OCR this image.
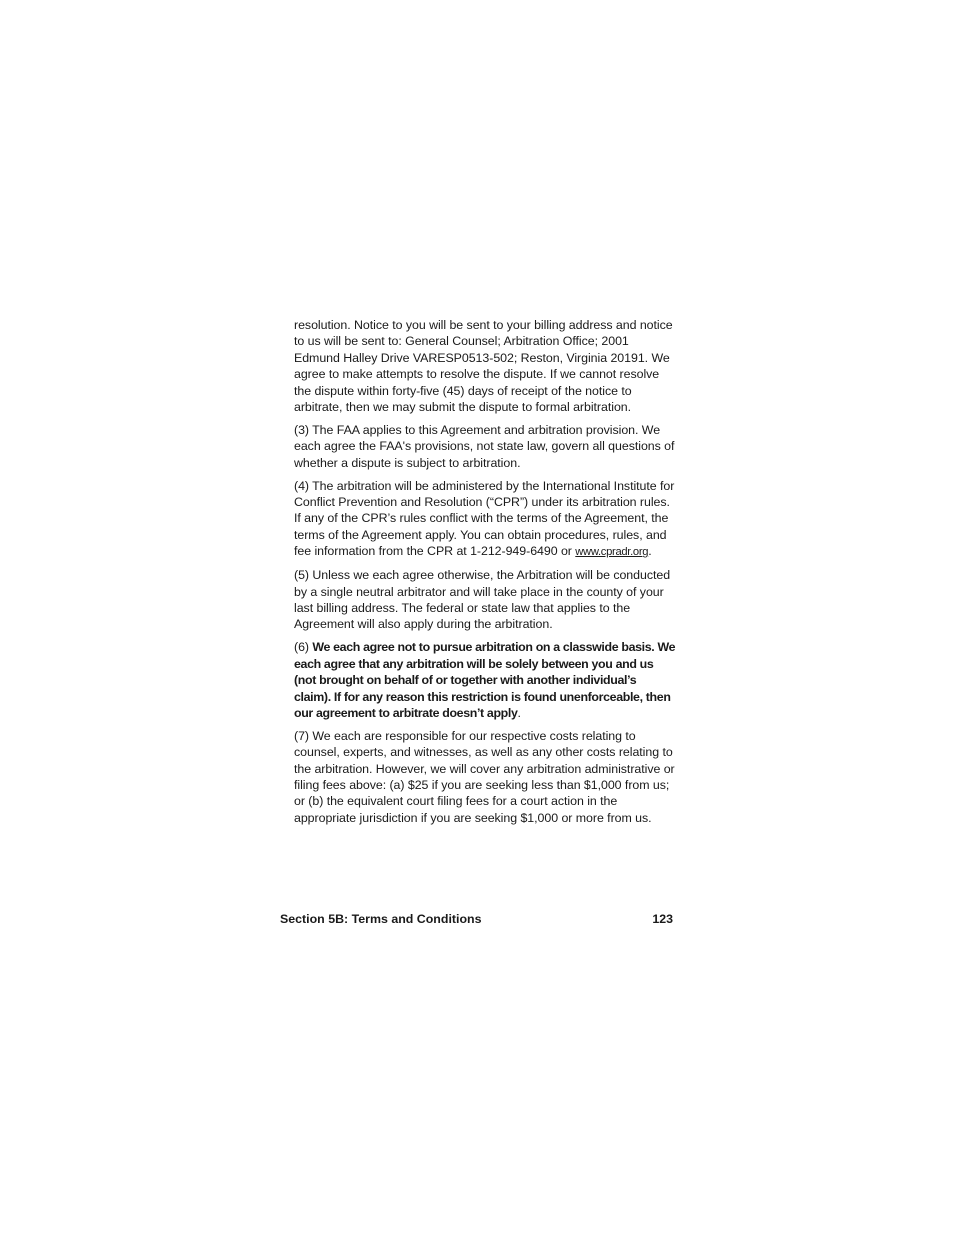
resolution. Notice to you will be sent to your billing address and notice to us will be sent to: General Counsel; Arbitration Office; 2001 Edmund Halley Drive VARESP0513-502; Reston, Virginia 20191. We agree to make attempts to resolve the dispute. If we cannot resolve the dispute within forty-five (45) days of receipt of the notice to arbitrate, then we may submit the dispute to formal arbitration.

(3) The FAA applies to this Agreement and arbitration provision. We each agree the FAA's provisions, not state law, govern all questions of whether a dispute is subject to arbitration.

(4) The arbitration will be administered by the International Institute for Conflict Prevention and Resolution (“CPR”) under its arbitration rules. If any of the CPR’s rules conflict with the terms of the Agreement, the terms of the Agreement apply. You can obtain procedures, rules, and fee information from the CPR at 1-212-949-6490 or www.cpradr.org.

(5) Unless we each agree otherwise, the Arbitration will be conducted by a single neutral arbitrator and will take place in the county of your last billing address. The federal or state law that applies to the Agreement will also apply during the arbitration.

(6) We each agree not to pursue arbitration on a classwide basis. We each agree that any arbitration will be solely between you and us (not brought on behalf of or together with another individual’s claim). If for any reason this restriction is found unenforceable, then our agreement to arbitrate doesn’t apply.

(7) We each are responsible for our respective costs relating to counsel, experts, and witnesses, as well as any other costs relating to the arbitration. However, we will cover any arbitration administrative or filing fees above: (a) $25 if you are seeking less than $1,000 from us; or (b) the equivalent court filing fees for a court action in the appropriate jurisdiction if you are seeking $1,000 or more from us.

Section 5B: Terms and Conditions	123
